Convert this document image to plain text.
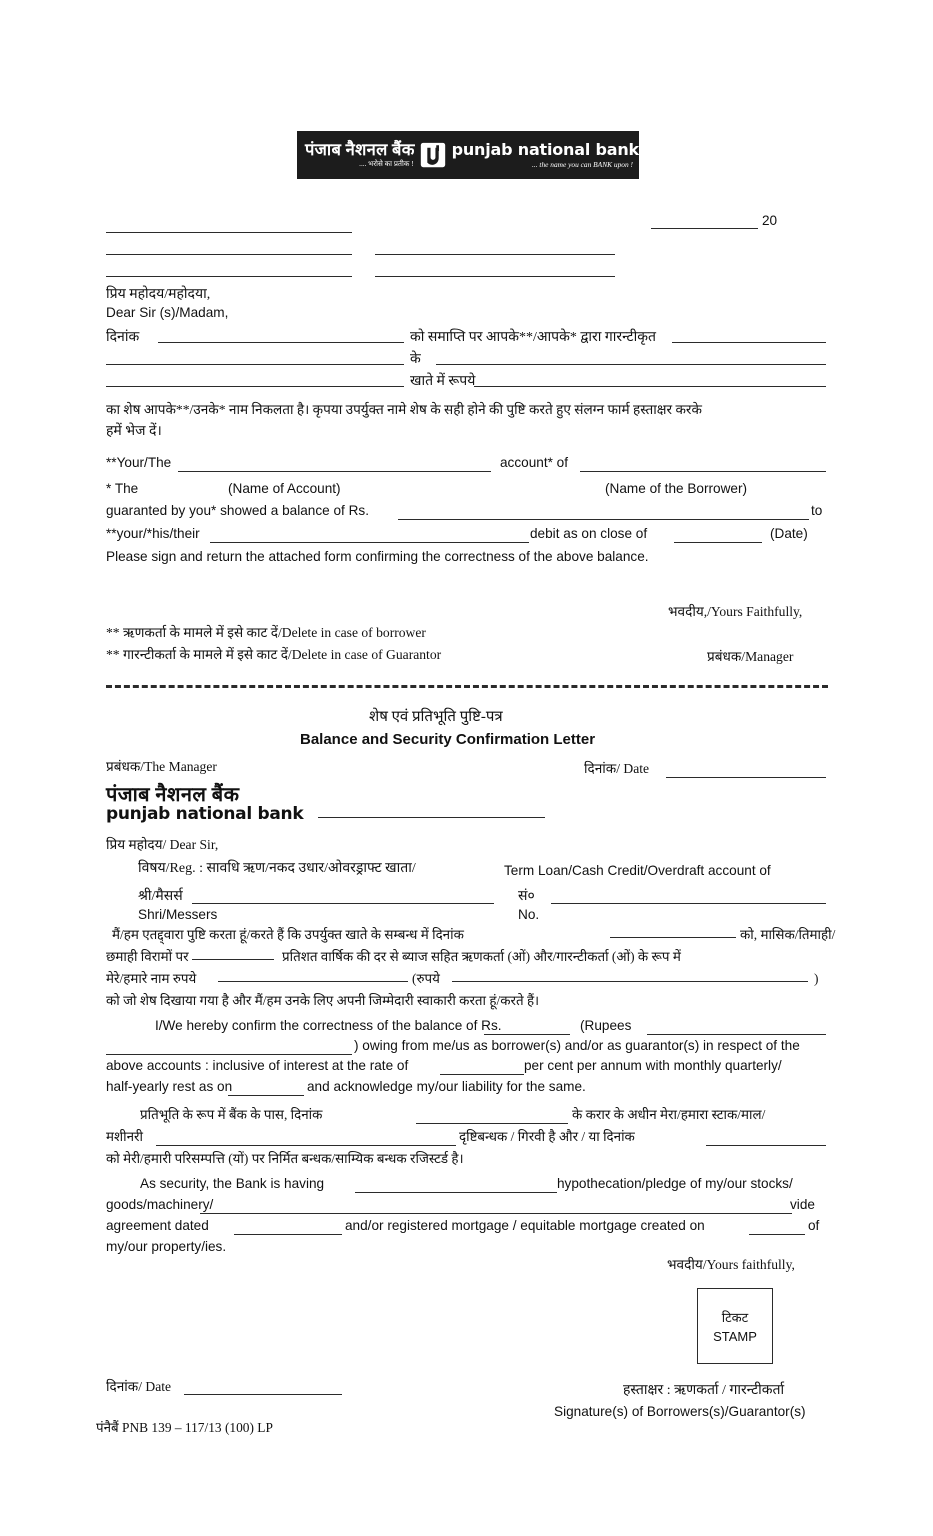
पंजाब नैशनल बैंक
.... भरोसे का प्रतीक !
punjab national bank
... the name you can BANK upon !
20
प्रिय महोदय/महोदया,
Dear Sir (s)/Madam,
दिनांक	को समाप्ति पर आपके**/आपके* द्वारा गारन्टीकृत
के
खाते में रूपये
का शेष आपके**/उनके* नाम निकलता है। कृपया उपर्युक्त नामे शेष के सही होने की पुष्टि करते हुए संलग्न फार्म हस्ताक्षर करके
हमें भेज दें।
**Your/The	account* of
* The	(Name of Account)	(Name of the Borrower)
guaranted by you* showed a balance of Rs.	to
**your/*his/their	debit as on close of	(Date)
Please sign and return the attached form confirming the correctness of the above balance.
भवदीय,/Yours Faithfully,
** ऋणकर्ता के मामले में इसे काट दें/Delete in case of borrower
** गारन्टीकर्ता के मामले में इसे काट दें/Delete in case of Guarantor	प्रबंधक/Manager
शेष एवं प्रतिभूति पुष्टि-पत्र
Balance and Security Confirmation Letter
प्रबंधक/The Manager	दिनांक/ Date
पंजाब नैशनल बैंक
punjab national bank
प्रिय महोदय/ Dear Sir,
विषय/Reg. : सावधि ऋण/नकद उधार/ओवरड्राफ्ट खाता/	Term Loan/Cash Credit/Overdraft account of
श्री/मैसर्स
Shri/Messers
सं०
No.
मैं/हम एतद्द्वारा पुष्टि करता हूं/करते हैं कि उपर्युक्त खाते के सम्बन्ध में दिनांक	को, मासिक/तिमाही/
छमाही विरामों पर	प्रतिशत वार्षिक की दर से ब्याज सहित ऋणकर्ता (ओं) और/गारन्टीकर्ता (ओं) के रूप में
मेरे/हमारे नाम रुपये	(रुपये	)
को जो शेष दिखाया गया है और मैं/हम उनके लिए अपनी जिम्मेदारी स्वाकारी करता हूं/करते हैं।
I/We hereby confirm the correctness of the balance of Rs.	(Rupees
) owing from me/us as borrower(s) and/or as guarantor(s) in respect of the
above accounts : inclusive of interest at the rate of	per cent per annum with monthly quarterly/
half-yearly rest as on	and acknowledge my/our liability for the same.
प्रतिभूति के रूप में बैंक के पास, दिनांक	के करार के अधीन मेरा/हमारा स्टाक/माल/
मशीनरी	दृष्टिबन्धक / गिरवी है और / या दिनांक
को मेरी/हमारी परिसम्पत्ति (यों) पर निर्मित बन्धक/साम्यिक बन्धक रजिस्टर्ड है।
As security, the Bank is having	hypothecation/pledge of my/our stocks/
goods/machinery/	vide
agreement dated	and/or registered mortgage / equitable mortgage created on	of
my/our property/ies.
भवदीय/Yours faithfully,
टिकट
STAMP
दिनांक/ Date	हस्ताक्षर : ऋणकर्ता / गारन्टीकर्ता
Signature(s) of Borrowers(s)/Guarantor(s)
पंनैबैं PNB 139 – 117/13 (100) LP
